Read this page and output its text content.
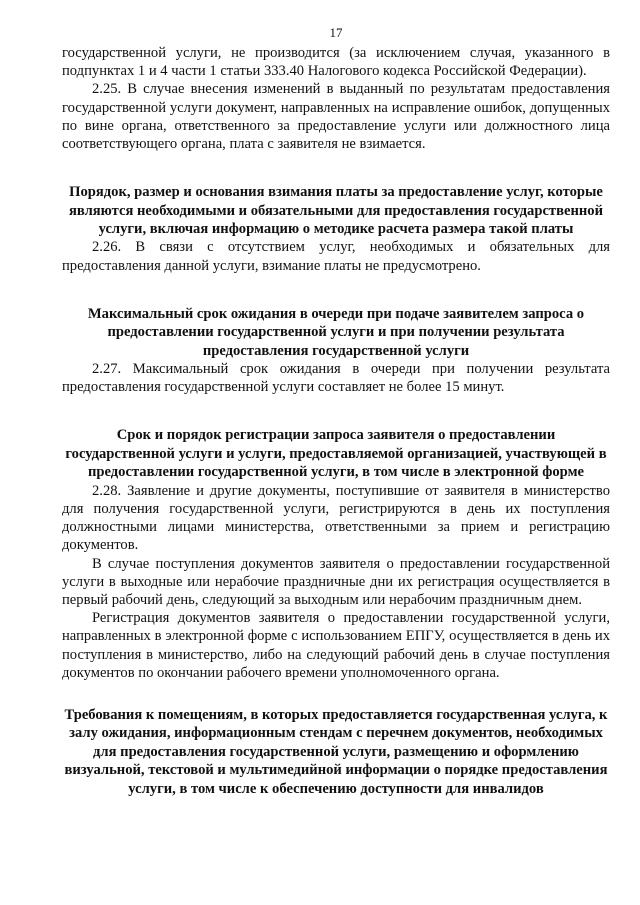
17

государственной услуги, не производится (за исключением случая, указанного в подпунктах 1 и 4 части 1 статьи 333.40 Налогового кодекса Российской Федерации).

2.25. В случае внесения изменений в выданный по результатам предоставления государственной услуги документ, направленных на исправление ошибок, допущенных по вине органа, ответственного за предоставление услуги или должностного лица соответствующего органа, плата с заявителя не взимается.

Порядок, размер и основания взимания платы за предоставление услуг, которые являются необходимыми и обязательными для предоставления государственной услуги, включая информацию о методике расчета размера такой платы

2.26. В связи с отсутствием услуг, необходимых и обязательных для предоставления данной услуги, взимание платы не предусмотрено.

Максимальный срок ожидания в очереди при подаче заявителем запроса о предоставлении государственной услуги и при получении результата предоставления государственной услуги

2.27. Максимальный срок ожидания в очереди при получении результата предоставления государственной услуги составляет не более 15 минут.

Срок и порядок регистрации запроса заявителя о предоставлении государственной услуги и услуги, предоставляемой организацией, участвующей в предоставлении государственной услуги, в том числе в электронной форме

2.28. Заявление и другие документы, поступившие от заявителя в министерство для получения государственной услуги, регистрируются в день их поступления должностными лицами министерства, ответственными за прием и регистрацию документов.

В случае поступления документов заявителя о предоставлении государственной услуги в выходные или нерабочие праздничные дни их регистрация осуществляется в первый рабочий день, следующий за выходным или нерабочим праздничным днем.

Регистрация документов заявителя о предоставлении государственной услуги, направленных в электронной форме с использованием ЕПГУ, осуществляется в день их поступления в министерство, либо на следующий рабочий день в случае поступления документов по окончании рабочего времени уполномоченного органа.

Требования к помещениям, в которых предоставляется государственная услуга, к залу ожидания, информационным стендам с перечнем документов, необходимых для предоставления государственной услуги, размещению и оформлению визуальной, текстовой и мультимедийной информации о порядке предоставления услуги, в том числе к обеспечению доступности для инвалидов
